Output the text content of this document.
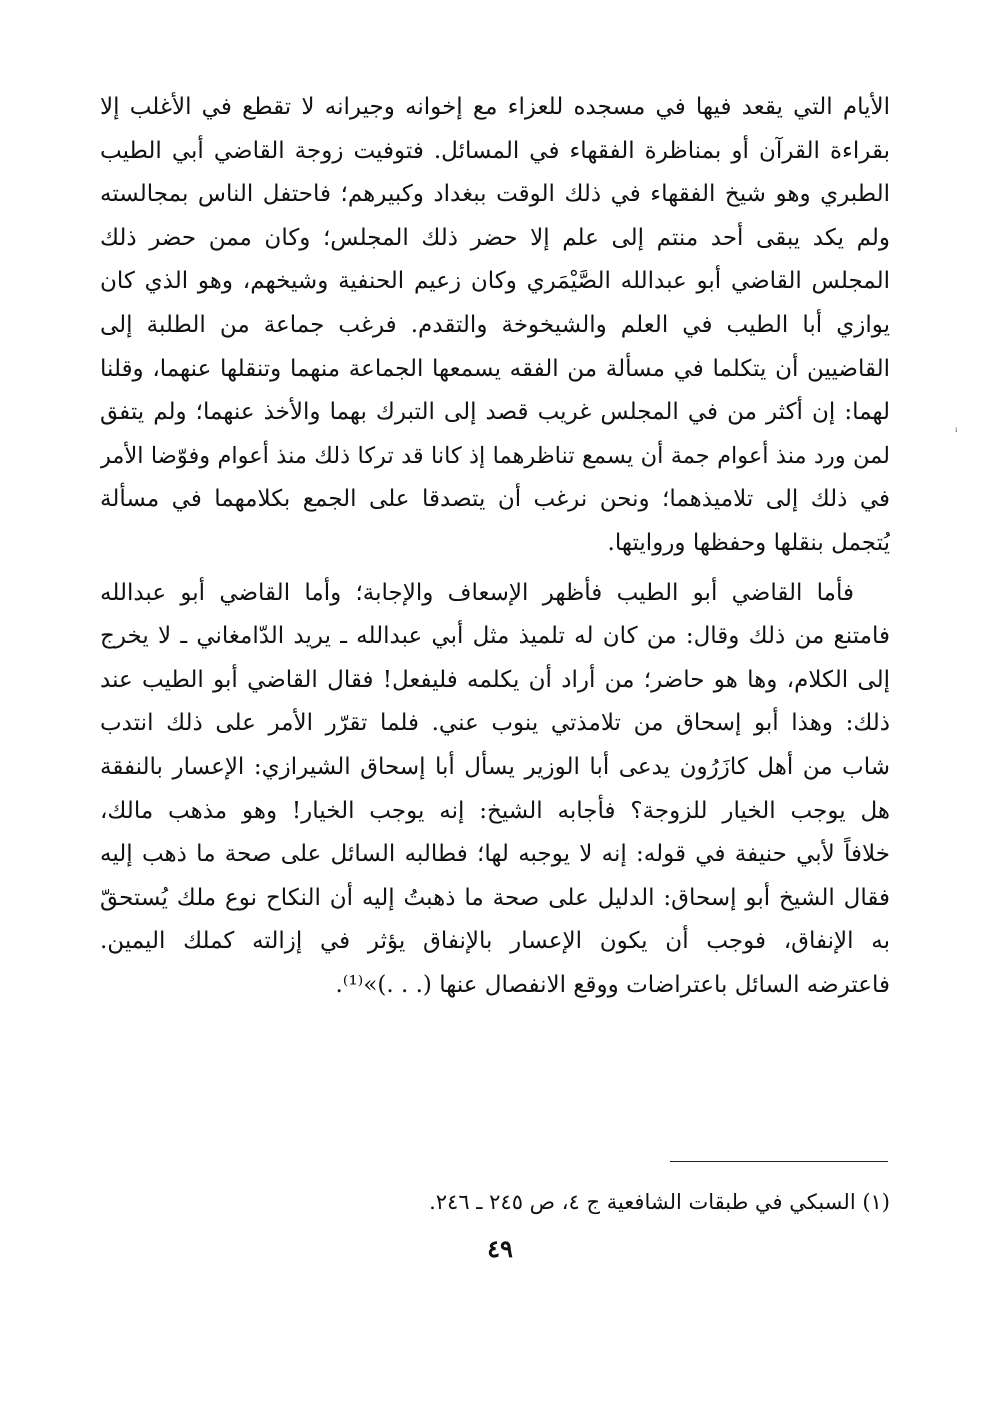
الأيام التي يقعد فيها في مسجده للعزاء مع إخوانه وجيرانه لا تقطع في الأغلب إلا
بقراءة القرآن أو بمناظرة الفقهاء في المسائل. فتوفيت زوجة القاضي أبي الطيب
الطبري وهو شيخ الفقهاء في ذلك الوقت ببغداد وكبيرهم؛ فاحتفل الناس بمجالسته
ولم يكد يبقى أحد منتم إلى علم إلا حضر ذلك المجلس؛ وكان ممن حضر ذلك
المجلس القاضي أبو عبدالله الصَّيْمَري وكان زعيم الحنفية وشيخهم، وهو الذي كان
يوازي أبا الطيب في العلم والشيخوخة والتقدم. فرغب جماعة من الطلبة إلى
القاضيين أن يتكلما في مسألة من الفقه يسمعها الجماعة منهما وتنقلها عنهما، وقلنا
لهما: إن أكثر من في المجلس غريب قصد إلى التبرك بهما والأخذ عنهما؛ ولم يتفق
لمن ورد منذ أعوام جمة أن يسمع تناظرهما إذ كانا قد تركا ذلك منذ أعوام وفوّضا الأمر
في ذلك إلى تلاميذهما؛ ونحن نرغب أن يتصدقا على الجمع بكلامهما في مسألة
يُتجمل بنقلها وحفظها وروايتها.
فأما القاضي أبو الطيب فأظهر الإسعاف والإجابة؛ وأما القاضي أبو عبدالله
فامتنع من ذلك وقال: من كان له تلميذ مثل أبي عبدالله ـ يريد الدّامغاني ـ لا يخرج
إلى الكلام، وها هو حاضر؛ من أراد أن يكلمه فليفعل! فقال القاضي أبو الطيب عند
ذلك: وهذا أبو إسحاق من تلامذتي ينوب عني. فلما تقرّر الأمر على ذلك انتدب
شاب من أهل كازَرُون يدعى أبا الوزير يسأل أبا إسحاق الشيرازي: الإعسار بالنفقة
هل يوجب الخيار للزوجة؟ فأجابه الشيخ: إنه يوجب الخيار! وهو مذهب مالك،
خلافاً لأبي حنيفة في قوله: إنه لا يوجبه لها؛ فطالبه السائل على صحة ما ذهب إليه
فقال الشيخ أبو إسحاق: الدليل على صحة ما ذهبتُ إليه أن النكاح نوع ملك يُستحقّ
به الإنفاق، فوجب أن يكون الإعسار بالإنفاق يؤثر في إزالته كملك اليمين.
فاعترضه السائل باعتراضات ووقع الانفصال عنها (. . .)»⁽¹⁾.
ⁱ
(١) السبكي في طبقات الشافعية ج ٤، ص ٢٤٥ ـ ٢٤٦.
٤٩
